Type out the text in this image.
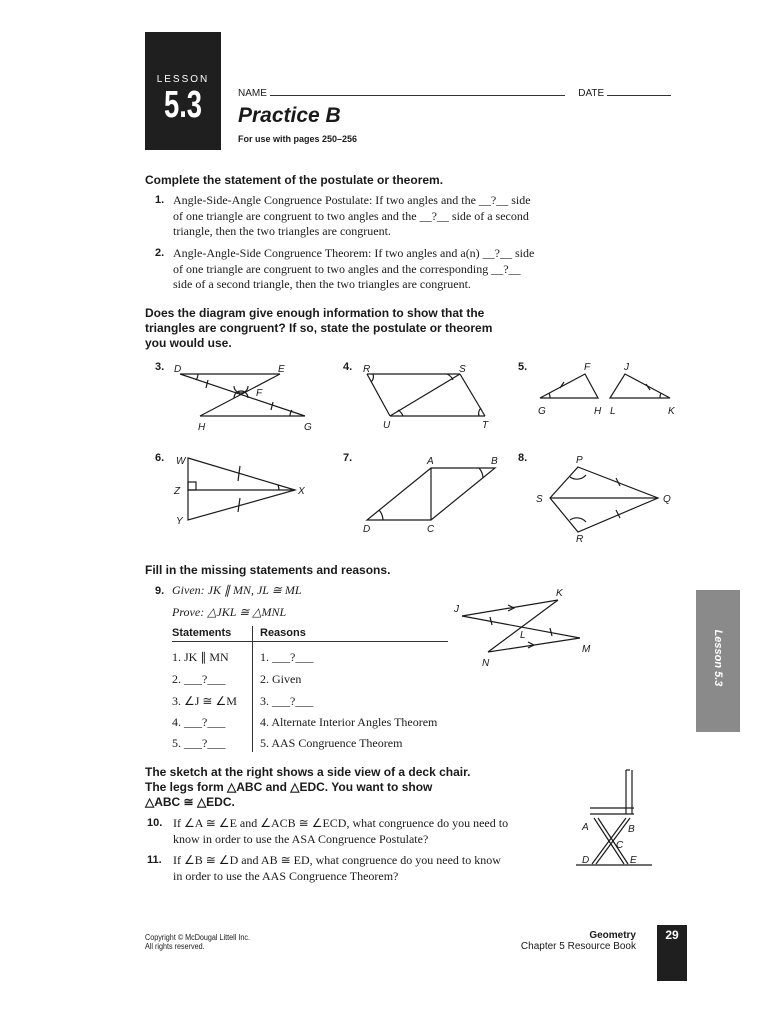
LESSON
5.3	NAME	DATE
Practice B
For use with pages 250–256
Complete the statement of the postulate or theorem.
1. Angle-Side-Angle Congruence Postulate: If two angles and the __?__ side
of one triangle are congruent to two angles and the __?__ side of a second
triangle, then the two triangles are congruent.
2. Angle-Angle-Side Congruence Theorem: If two angles and a(n) __?__ side
of one triangle are congruent to two angles and the corresponding __?__
side of a second triangle, then the two triangles are congruent.
Does the diagram give enough information to show that the
triangles are congruent? If so, state the postulate or theorem
you would use.
3.	4.	5.
6.	7.	8.
D	E
F
H	G
R	S
U	T
F	J
G	H L	K
W
Z	X
Y
A	B
D	C
P
S	Q
R
Fill in the missing statements and reasons.
9. Given: JK ∥ MN, JL ≅ ML
Prove: △JKL ≅ △MNL
Statements	Reasons
1. JK ∥ MN	1. ___?___
2. ___?___	2. Given
3. ∠J ≅ ∠M 3. ___?___
4. ___?___	4. Alternate Interior Angles Theorem
5. ___?___	5. AAS Congruence Theorem
J
K
L
N
M
The sketch at the right shows a side view of a deck chair.
The legs form △ABC and △EDC. You want to show
△ABC ≅ △EDC.
10. If ∠A ≅ ∠E and ∠ACB ≅ ∠ECD, what congruence do you need to
know in order to use the ASA Congruence Postulate?
11. If ∠B ≅ ∠D and AB ≅ ED, what congruence do you need to know
in order to use the AAS Congruence Theorem?
A	B
C
D	E
Lesson 5.3
Copyright © McDougal Littell Inc.
All rights reserved.
Geometry
Chapter 5 Resource Book
29
